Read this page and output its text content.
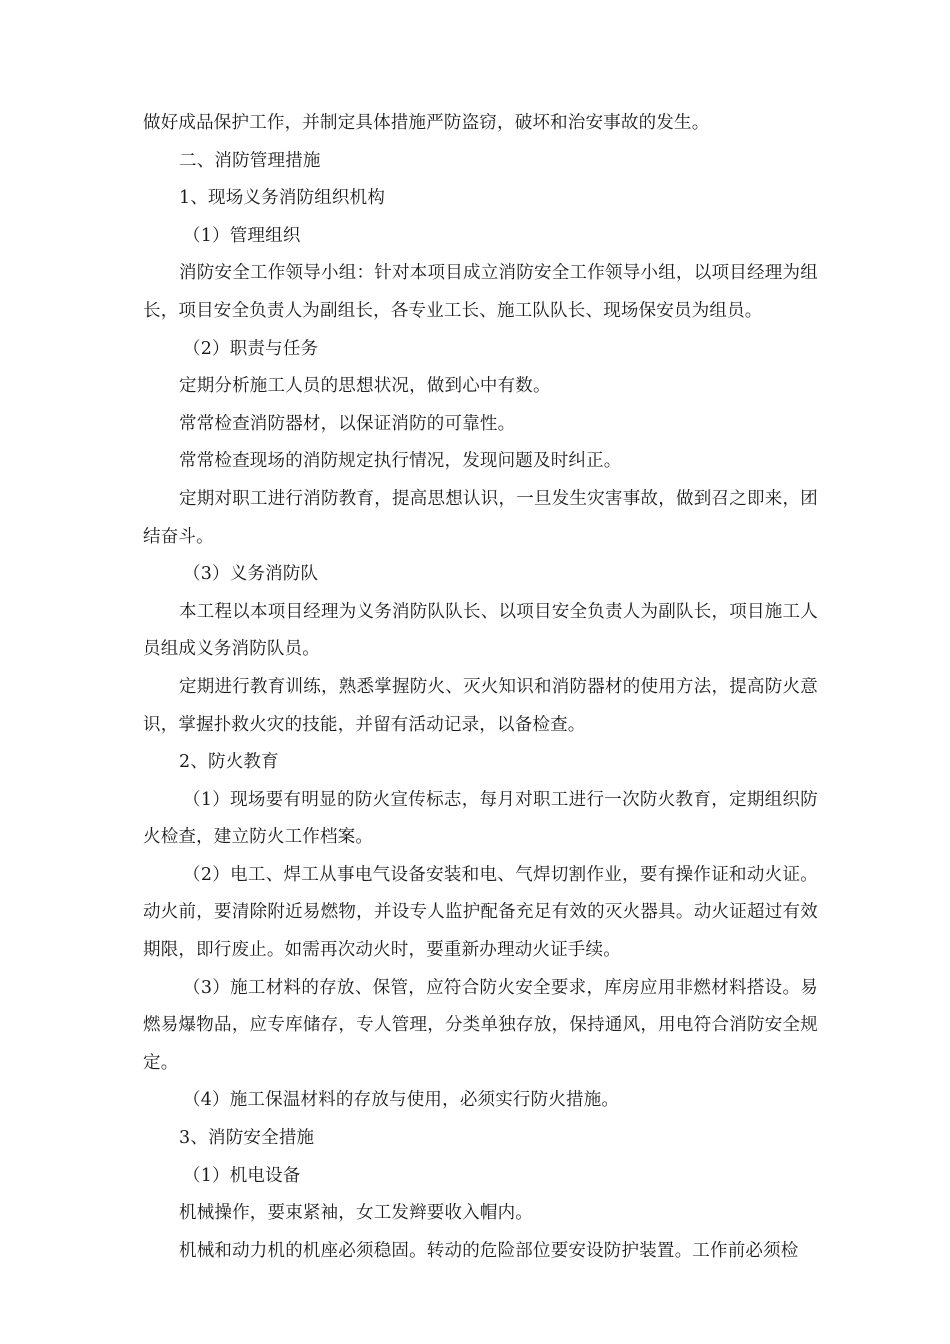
做好成品保护工作，并制定具体措施严防盗窃，破坏和治安事故的发生。

二、消防管理措施

1、现场义务消防组织机构

（1）管理组织

消防安全工作领导小组：针对本项目成立消防安全工作领导小组，以项目经理为组长，项目安全负责人为副组长，各专业工长、施工队队长、现场保安员为组员。

（2）职责与任务

定期分析施工人员的思想状况，做到心中有数。

常常检查消防器材，以保证消防的可靠性。

常常检查现场的消防规定执行情况，发现问题及时纠正。

定期对职工进行消防教育，提高思想认识，一旦发生灾害事故，做到召之即来，团结奋斗。

（3）义务消防队

本工程以本项目经理为义务消防队队长、以项目安全负责人为副队长，项目施工人员组成义务消防队员。

定期进行教育训练，熟悉掌握防火、灭火知识和消防器材的使用方法，提高防火意识，掌握扑救火灾的技能，并留有活动记录，以备检查。

2、防火教育

（1）现场要有明显的防火宣传标志，每月对职工进行一次防火教育，定期组织防火检查，建立防火工作档案。

（2）电工、焊工从事电气设备安装和电、气焊切割作业，要有操作证和动火证。动火前，要清除附近易燃物，并设专人监护配备充足有效的灭火器具。动火证超过有效期限，即行废止。如需再次动火时，要重新办理动火证手续。

（3）施工材料的存放、保管，应符合防火安全要求，库房应用非燃材料搭设。易燃易爆物品，应专库储存，专人管理，分类单独存放，保持通风，用电符合消防安全规定。

（4）施工保温材料的存放与使用，必须实行防火措施。

3、消防安全措施

（1）机电设备

机械操作，要束紧袖，女工发辫要收入帽内。

机械和动力机的机座必须稳固。转动的危险部位要安设防护装置。工作前必须检
